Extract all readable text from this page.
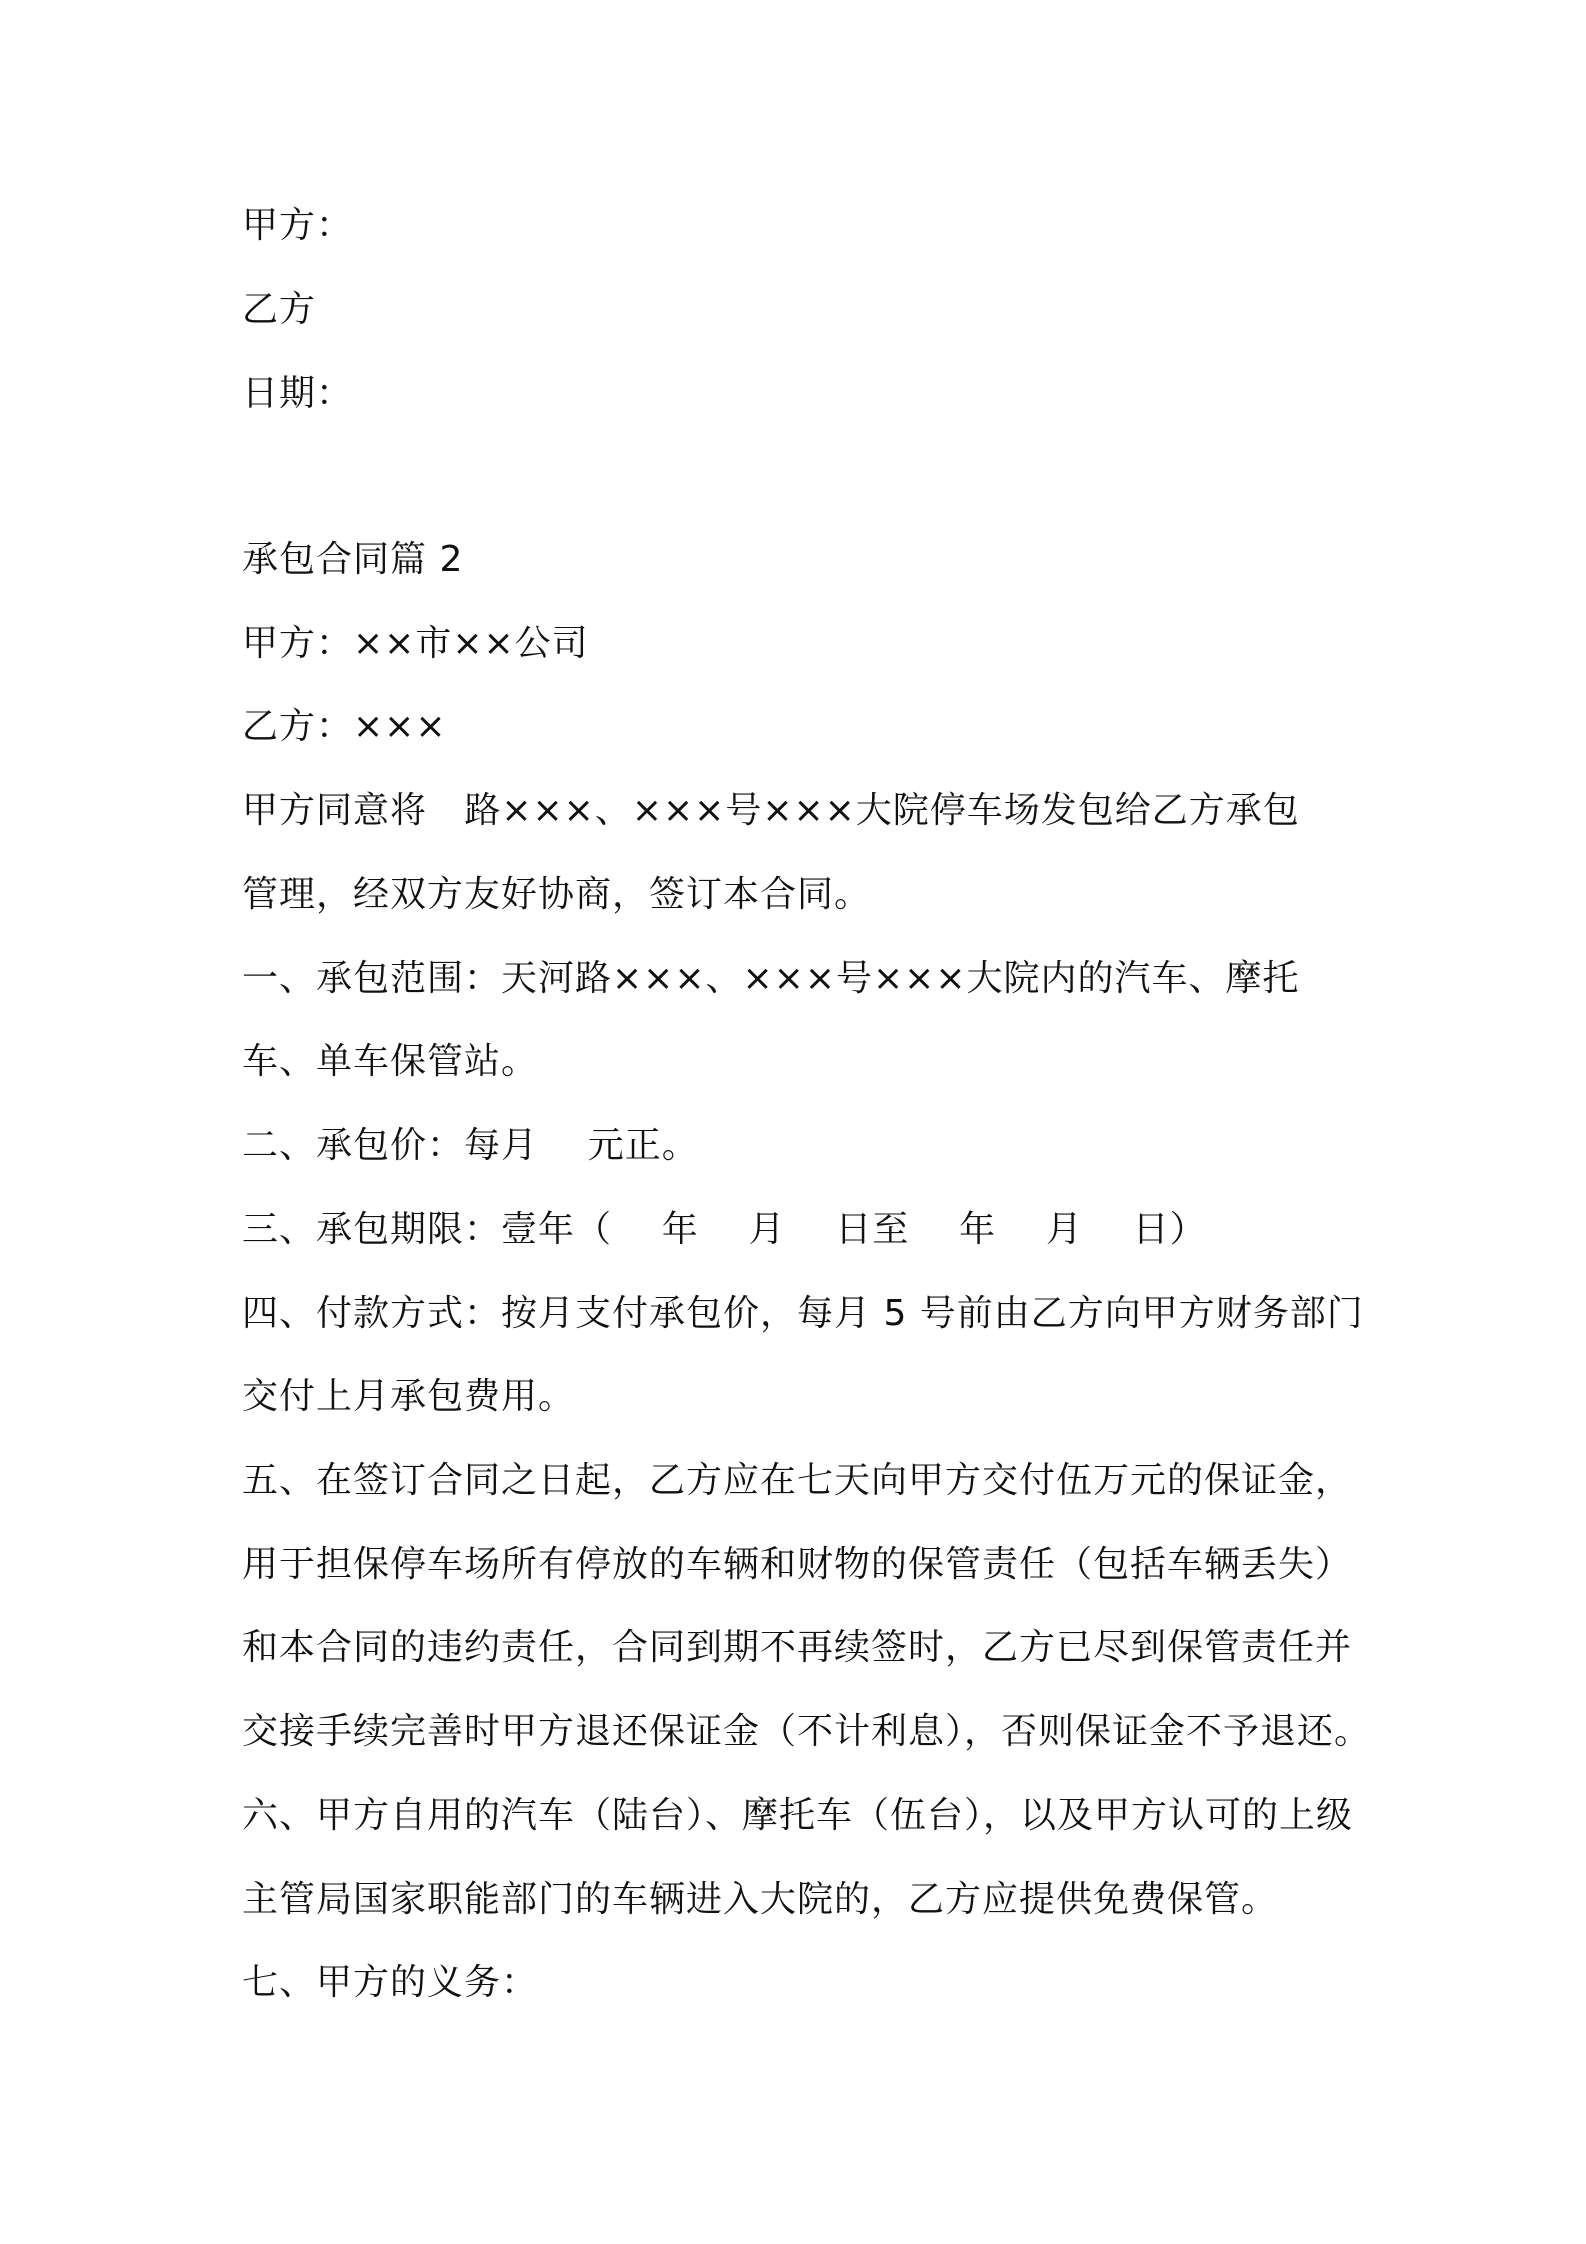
甲方：
乙方
日期：
承包合同篇 2
甲方：××市××公司
乙方：×××
甲方同意将   路×××、×××号×××大院停车场发包给乙方承包
管理，经双方友好协商，签订本合同。
一、承包范围：天河路×××、×××号×××大院内的汽车、摩托
车、单车保管站。
二、承包价：每月    元正。
三、承包期限：壹年（    年    月    日至    年    月    日）
四、付款方式：按月支付承包价，每月 5 号前由乙方向甲方财务部门
交付上月承包费用。
五、在签订合同之日起，乙方应在七天向甲方交付伍万元的保证金，
用于担保停车场所有停放的车辆和财物的保管责任（包括车辆丢失）
和本合同的违约责任，合同到期不再续签时，乙方已尽到保管责任并
交接手续完善时甲方退还保证金（不计利息），否则保证金不予退还。
六、甲方自用的汽车（陆台）、摩托车（伍台），以及甲方认可的上级
主管局国家职能部门的车辆进入大院的，乙方应提供免费保管。
七、甲方的义务：
